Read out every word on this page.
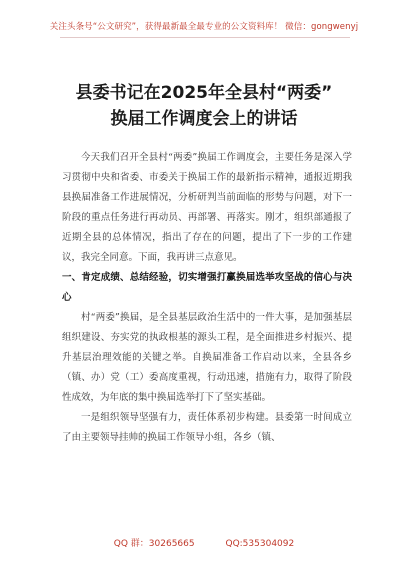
关注头条号“公文研究”，获得最新最全最专业的公文资料库！ 微信：gongwenyj
县委书记在2025年全县村“两委”
换届工作调度会上的讲话

今天我们召开全县村“两委”换届工作调度会，主要任务是深入学习贯彻中央和省委、市委关于换届工作的最新指示精神，通报近期我县换届准备工作进展情况，分析研判当前面临的形势与问题，对下一阶段的重点任务进行再动员、再部署、再落实。刚才，组织部通报了近期全县的总体情况，指出了存在的问题，提出了下一步的工作建议，我完全同意。下面，我再讲三点意见。

一、肯定成绩、总结经验，切实增强打赢换届选举攻坚战的信心与决心

村“两委”换届，是全县基层政治生活中的一件大事，是加强基层组织建设、夯实党的执政根基的源头工程，是全面推进乡村振兴、提升基层治理效能的关键之举。自换届准备工作启动以来，全县各乡（镇、办）党（工）委高度重视，行动迅速，措施有力，取得了阶段性成效，为年底的集中换届选举打下了坚实基础。

一是组织领导坚强有力，责任体系初步构建。县委第一时间成立了由主要领导挂帅的换届工作领导小组，各乡（镇、

QQ 群：30265665	QQ:535304092
